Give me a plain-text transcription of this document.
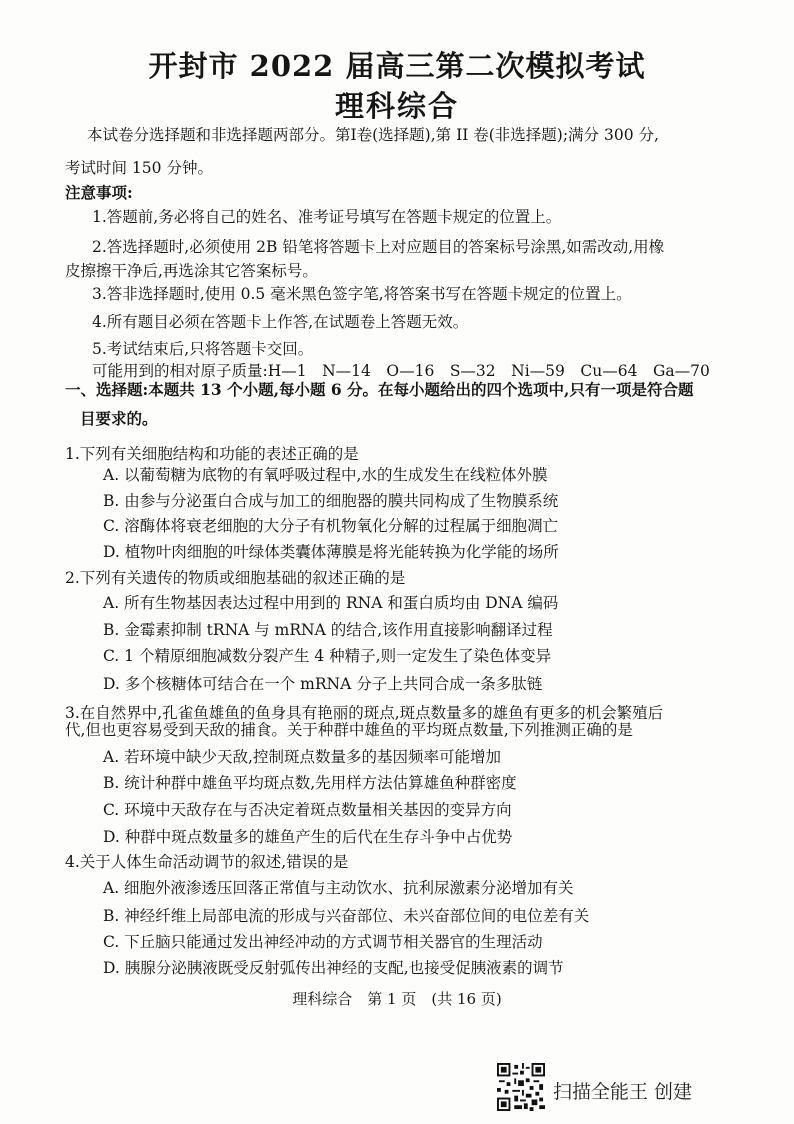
开封市 2022 届高三第二次模拟考试
理科综合
本试卷分选择题和非选择题两部分。第Ⅰ卷(选择题),第 II 卷(非选择题);满分 300 分,
考试时间 150 分钟。
注意事项:
1.答题前,务必将自己的姓名、准考证号填写在答题卡规定的位置上。
2.答选择题时,必须使用 2B 铅笔将答题卡上对应题目的答案标号涂黑,如需改动,用橡
皮擦擦干净后,再选涂其它答案标号。
3.答非选择题时,使用 0.5 毫米黑色签字笔,将答案书写在答题卡规定的位置上。
4.所有题目必须在答题卡上作答,在试题卷上答题无效。
5.考试结束后,只将答题卡交回。
可能用到的相对原子质量:H—1　N—14　O—16　S—32　Ni—59　Cu—64　Ga—70
一、选择题:本题共 13 个小题,每小题 6 分。在每小题给出的四个选项中,只有一项是符合题
目要求的。
1.下列有关细胞结构和功能的表述正确的是
A. 以葡萄糖为底物的有氧呼吸过程中,水的生成发生在线粒体外膜
B. 由参与分泌蛋白合成与加工的细胞器的膜共同构成了生物膜系统
C. 溶酶体将衰老细胞的大分子有机物氧化分解的过程属于细胞凋亡
D. 植物叶肉细胞的叶绿体类囊体薄膜是将光能转换为化学能的场所
2.下列有关遗传的物质或细胞基础的叙述正确的是
A. 所有生物基因表达过程中用到的 RNA 和蛋白质均由 DNA 编码
B. 金霉素抑制 tRNA 与 mRNA 的结合,该作用直接影响翻译过程
C. 1 个精原细胞减数分裂产生 4 种精子,则一定发生了染色体变异
D. 多个核糖体可结合在一个 mRNA 分子上共同合成一条多肽链
3.在自然界中,孔雀鱼雄鱼的鱼身具有艳丽的斑点,斑点数量多的雄鱼有更多的机会繁殖后
代,但也更容易受到天敌的捕食。关于种群中雄鱼的平均斑点数量,下列推测正确的是
A. 若环境中缺少天敌,控制斑点数量多的基因频率可能增加
B. 统计种群中雄鱼平均斑点数,先用样方法估算雄鱼种群密度
C. 环境中天敌存在与否决定着斑点数量相关基因的变异方向
D. 种群中斑点数量多的雄鱼产生的后代在生存斗争中占优势
4.关于人体生命活动调节的叙述,错误的是
A. 细胞外液渗透压回落正常值与主动饮水、抗利尿激素分泌增加有关
B. 神经纤维上局部电流的形成与兴奋部位、未兴奋部位间的电位差有关
C. 下丘脑只能通过发出神经冲动的方式调节相关器官的生理活动
D. 胰腺分泌胰液既受反射弧传出神经的支配,也接受促胰液素的调节
理科综合　第 1 页　(共 16 页)
扫描全能王 创建
